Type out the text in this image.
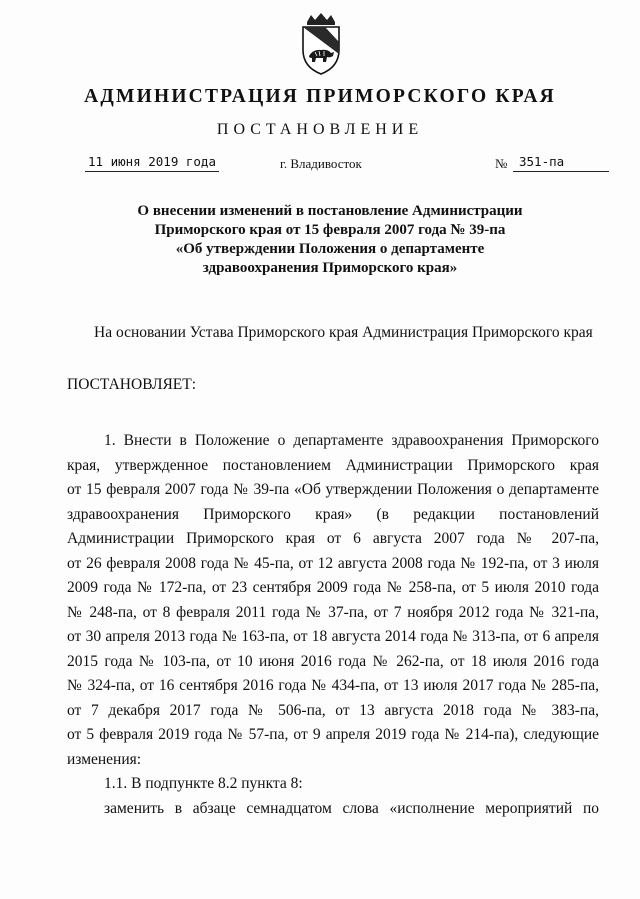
АДМИНИСТРАЦИЯ ПРИМОРСКОГО КРАЯ
ПОСТАНОВЛЕНИЕ
11 июня 2019 года	г. Владивосток	№ 351-па
О внесении изменений в постановление Администрации
Приморского края от 15 февраля 2007 года № 39-па
«Об утверждении Положения о департаменте
здравоохранения Приморского края»
На основании Устава Приморского края Администрация Приморского края
ПОСТАНОВЛЯЕТ:
1. Внести в Положение о департаменте здравоохранения Приморского
края, утвержденное постановлением Администрации Приморского края
от 15 февраля 2007 года № 39-па «Об утверждении Положения о департаменте
здравоохранения Приморского края» (в редакции постановлений
Администрации Приморского края от 6 августа 2007 года № 207-па,
от 26 февраля 2008 года № 45-па, от 12 августа 2008 года № 192-па, от 3 июля
2009 года № 172-па, от 23 сентября 2009 года № 258-па, от 5 июля 2010 года
№ 248-па, от 8 февраля 2011 года № 37-па, от 7 ноября 2012 года № 321-па,
от 30 апреля 2013 года № 163-па, от 18 августа 2014 года № 313-па, от 6 апреля
2015 года № 103-па, от 10 июня 2016 года № 262-па, от 18 июля 2016 года
№ 324-па, от 16 сентября 2016 года № 434-па, от 13 июля 2017 года № 285-па,
от 7 декабря 2017 года № 506-па, от 13 августа 2018 года № 383-па,
от 5 февраля 2019 года № 57-па, от 9 апреля 2019 года № 214-па), следующие
изменения:
1.1. В подпункте 8.2 пункта 8:
заменить в абзаце семнадцатом слова «исполнение мероприятий по
